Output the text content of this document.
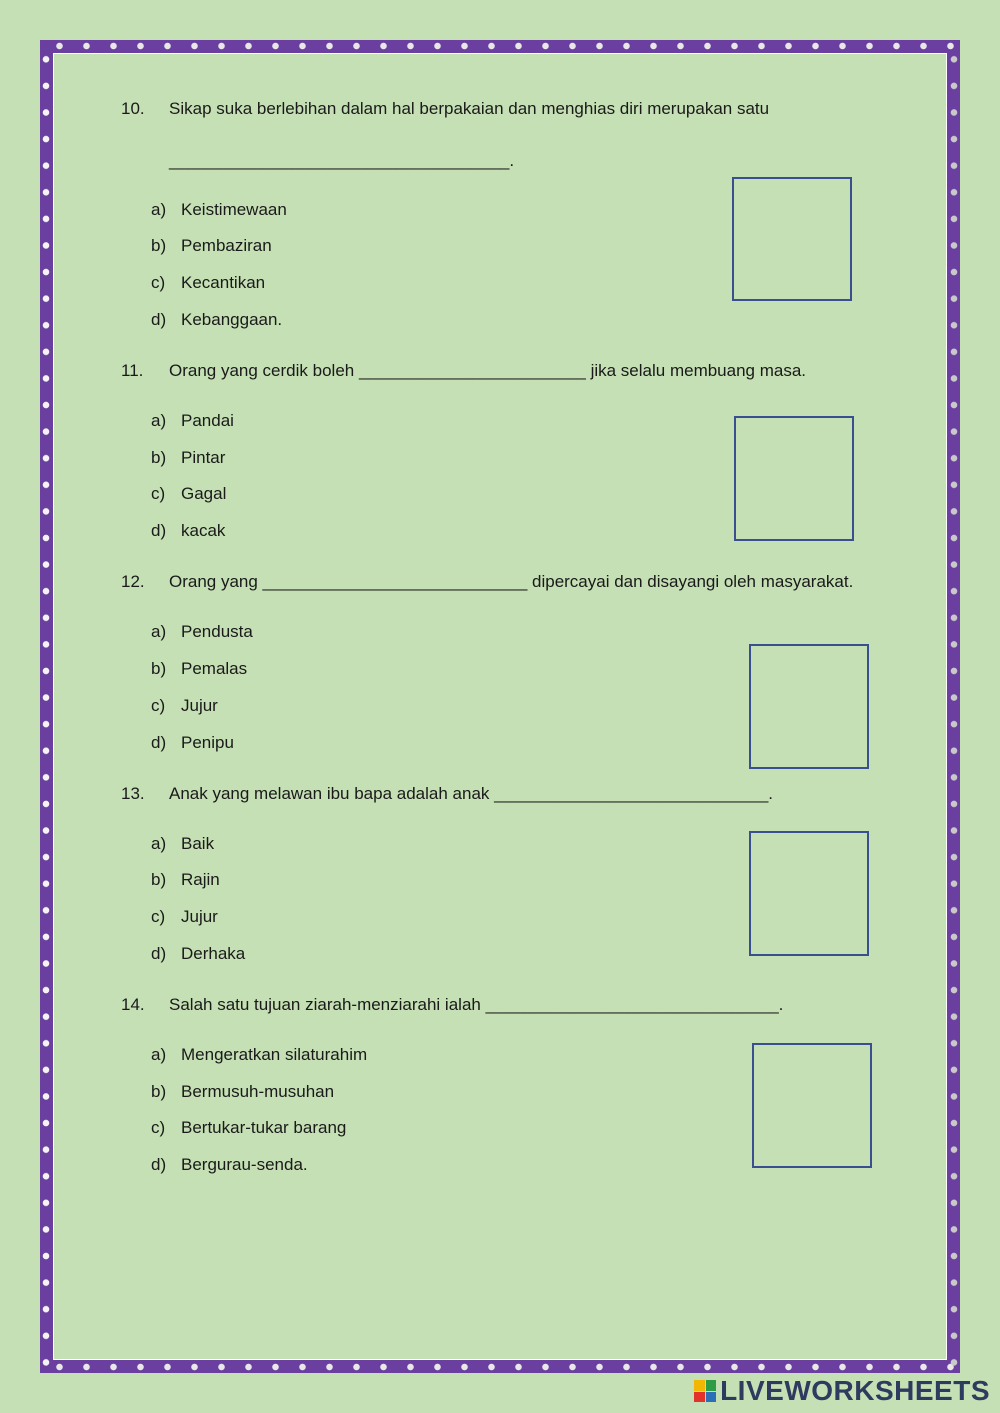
10. Sikap suka berlebihan dalam hal berpakaian dan menghias diri merupakan satu
____________________________________.
a) Keistimewaan
b) Pembaziran
c) Kecantikan
d) Kebanggaan.
11. Orang yang cerdik boleh ________________________ jika selalu membuang masa.
a) Pandai
b) Pintar
c) Gagal
d) kacak
12. Orang yang ____________________________ dipercayai dan disayangi oleh masyarakat.
a) Pendusta
b) Pemalas
c) Jujur
d) Penipu
13. Anak yang melawan ibu bapa adalah anak _____________________________.
a) Baik
b) Rajin
c) Jujur
d) Derhaka
14. Salah satu tujuan ziarah-menziarahi ialah _______________________________.
a) Mengeratkan silaturahim
b) Bermusuh-musuhan
c) Bertukar-tukar barang
d) Bergurau-senda.
LIVEWORKSHEETS
